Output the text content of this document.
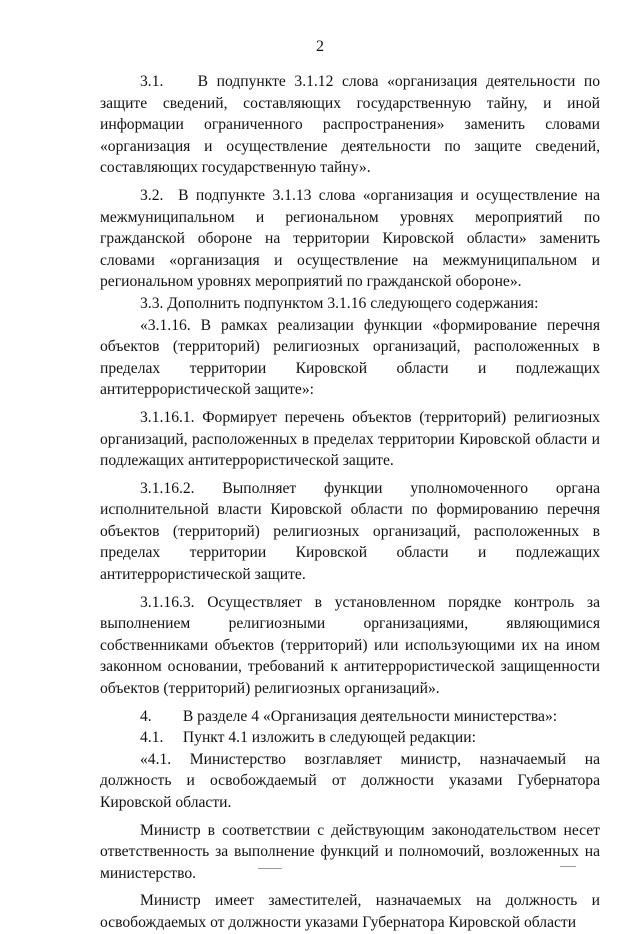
2

3.1.    В подпункте 3.1.12 слова «организация деятельности по защите сведений, составляющих государственную тайну, и иной информации ограниченного распространения» заменить словами «организация и осуществление деятельности по защите сведений, составляющих государственную тайну».

3.2.  В подпункте 3.1.13 слова «организация и осуществление на межмуниципальном и региональном уровнях мероприятий по гражданской обороне на территории Кировской области» заменить словами «организация и осуществление на межмуниципальном и региональном уровнях мероприятий по гражданской обороне».

3.3. Дополнить подпунктом 3.1.16 следующего содержания:

«3.1.16. В рамках реализации функции «формирование перечня объектов (территорий) религиозных организаций, расположенных в пределах территории Кировской области и подлежащих антитеррористической защите»:

3.1.16.1. Формирует перечень объектов (территорий) религиозных организаций, расположенных в пределах территории Кировской области и подлежащих антитеррористической защите.

3.1.16.2. Выполняет функции уполномоченного органа исполнительной власти Кировской области по формированию перечня объектов (территорий) религиозных организаций, расположенных в пределах территории Кировской области и подлежащих антитеррористической защите.

3.1.16.3. Осуществляет в установленном порядке контроль за выполнением религиозными организациями, являющимися собственниками объектов (территорий) или использующими их на ином законном основании, требований к антитеррористической защищенности объектов (территорий) религиозных организаций».

4.        В разделе 4 «Организация деятельности министерства»:

4.1.     Пункт 4.1 изложить в следующей редакции:

«4.1. Министерство возглавляет министр, назначаемый на должность и освобождаемый от должности указами Губернатора Кировской области.

Министр в соответствии с действующим законодательством несет ответственность за выполнение функций и полномочий, возложенных на министерство.

Министр имеет заместителей, назначаемых на должность и освобождаемых от должности указами Губернатора Кировской области
